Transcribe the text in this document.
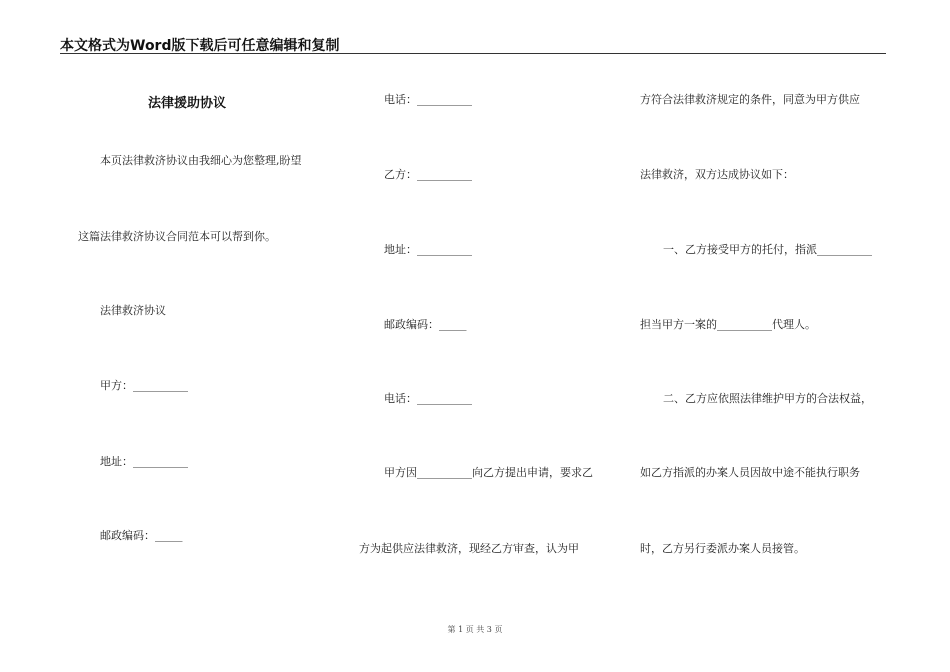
本文格式为Word版下载后可任意编辑和复制
法律援助协议
本页法律救济协议由我细心为您整理,盼望
这篇法律救济协议合同范本可以帮到你。
法律救济协议
甲方：__________
地址：__________
邮政编码：_____
电话：__________
乙方：__________
地址：__________
邮政编码：_____
电话：__________
甲方因__________向乙方提出申请，要求乙
方为起供应法律救济，现经乙方审查，认为甲
方符合法律救济规定的条件，同意为甲方供应
法律救济，双方达成协议如下：
一、乙方接受甲方的托付，指派__________
担当甲方一案的__________代理人。
二、乙方应依照法律维护甲方的合法权益，
如乙方指派的办案人员因故中途不能执行职务
时，乙方另行委派办案人员接管。
第 1 页 共 3 页
